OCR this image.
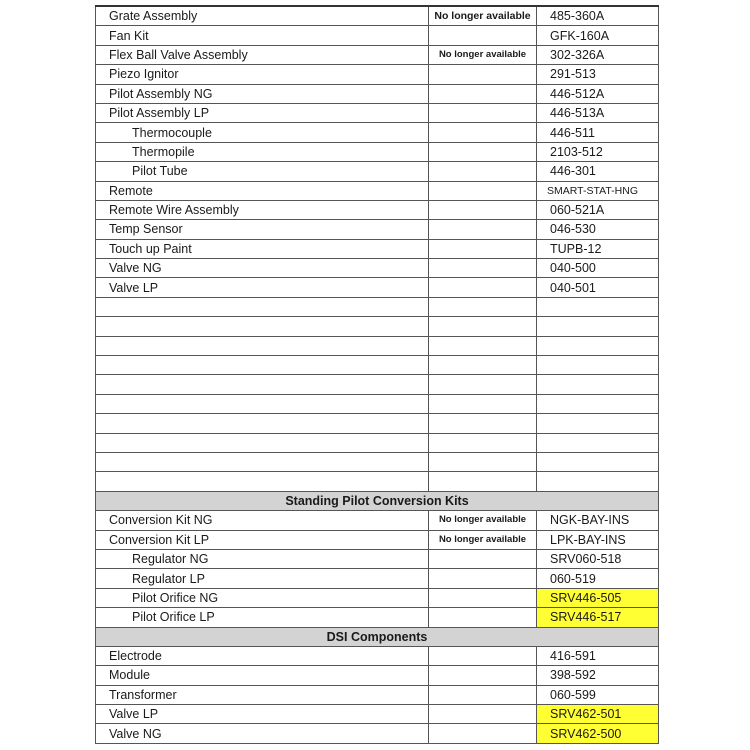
Grate Assembly	No longer available	485-360A
Fan Kit		GFK-160A
Flex Ball Valve Assembly	No longer available	302-326A
Piezo Ignitor		291-513
Pilot Assembly NG		446-512A
Pilot Assembly LP		446-513A
Thermocouple		446-511
Thermopile		2103-512
Pilot Tube		446-301
Remote		SMART-STAT-HNG
Remote Wire Assembly		060-521A
Temp Sensor		046-530
Touch up Paint		TUPB-12
Valve NG		040-500
Valve LP		040-501

Standing Pilot Conversion Kits		
Conversion Kit NG	No longer available	NGK-BAY-INS
Conversion Kit LP	No longer available	LPK-BAY-INS
Regulator NG		SRV060-518
Regulator LP		060-519
Pilot Orifice NG		SRV446-505
Pilot Orifice LP		SRV446-517
DSI Components		
Electrode		416-591
Module		398-592
Transformer		060-599
Valve LP		SRV462-501
Valve NG		SRV462-500
